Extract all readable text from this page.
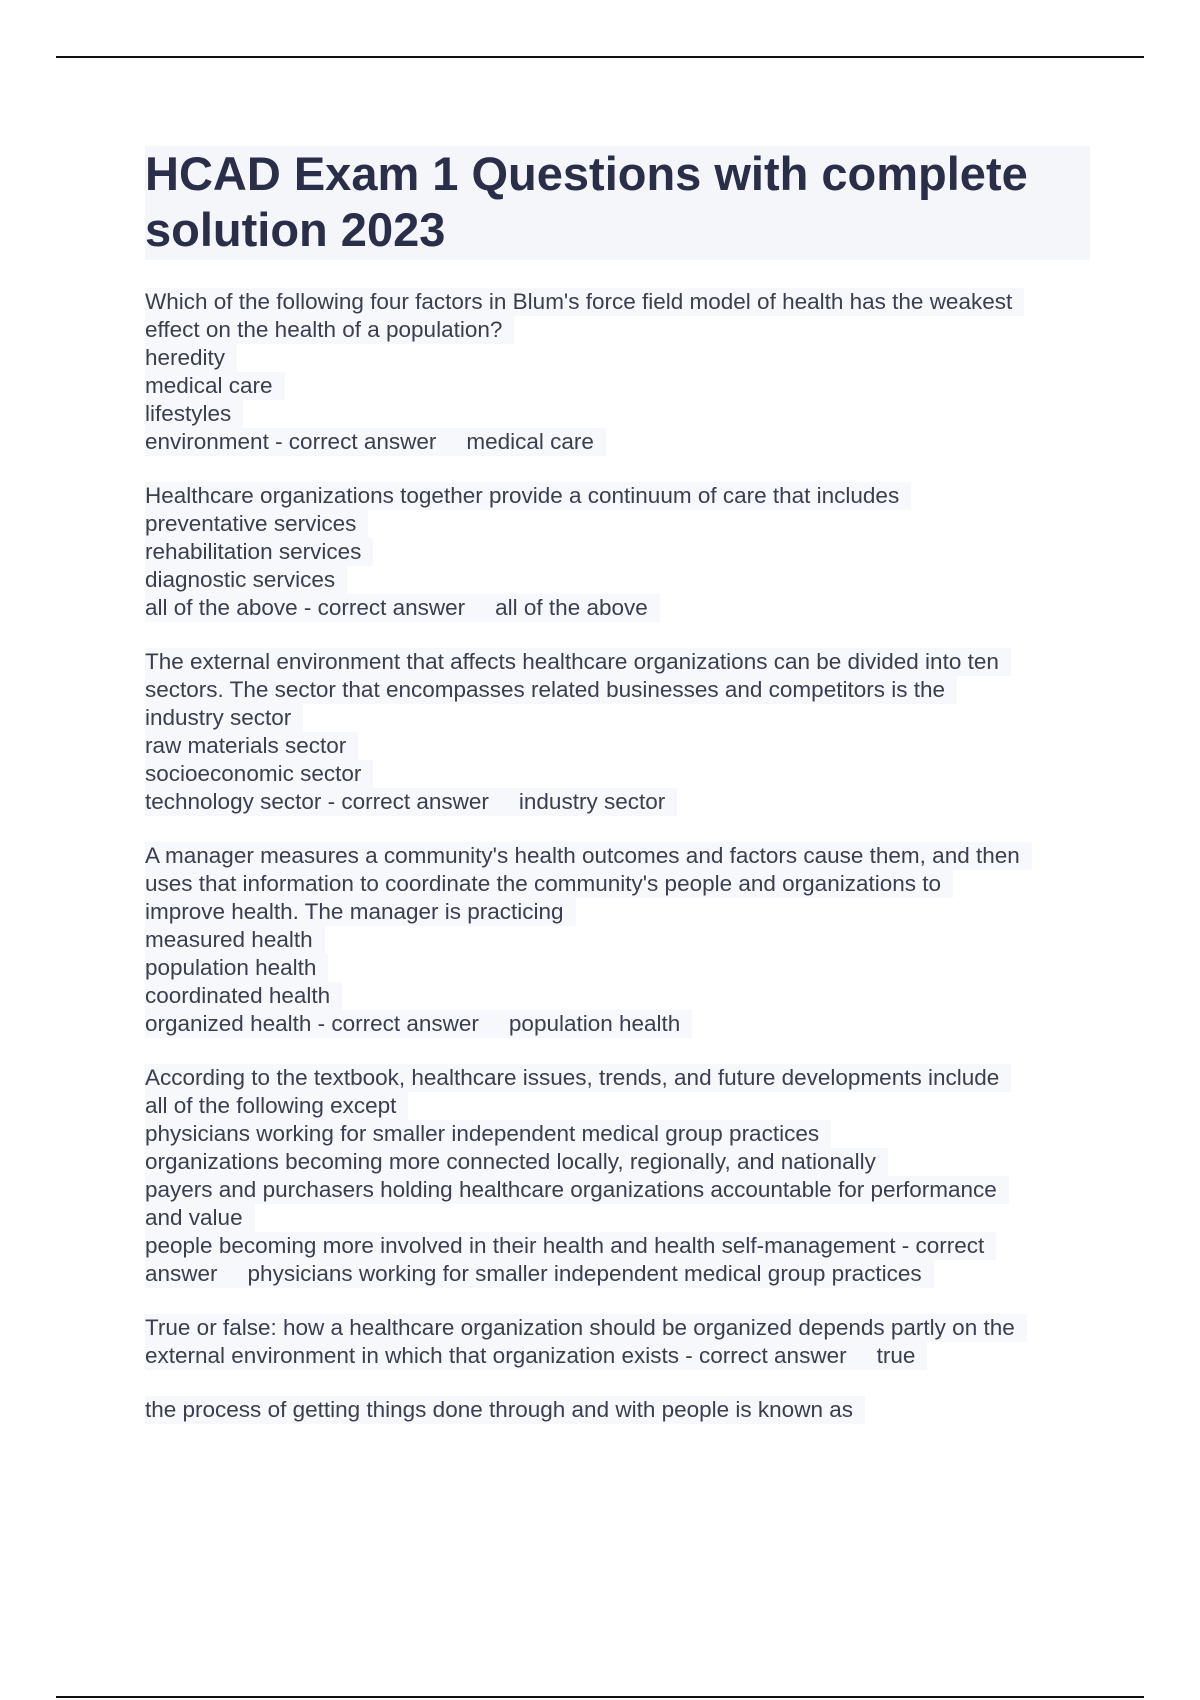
HCAD Exam 1 Questions with complete
solution 2023
Which of the following four factors in Blum's force field model of health has the weakest
effect on the health of a population?
heredity
medical care
lifestyles
environment - correct answer medical care
Healthcare organizations together provide a continuum of care that includes
preventative services
rehabilitation services
diagnostic services
all of the above - correct answer all of the above
The external environment that affects healthcare organizations can be divided into ten
sectors. The sector that encompasses related businesses and competitors is the
industry sector
raw materials sector
socioeconomic sector
technology sector - correct answer industry sector
A manager measures a community's health outcomes and factors cause them, and then
uses that information to coordinate the community's people and organizations to
improve health. The manager is practicing
measured health
population health
coordinated health
organized health - correct answer population health
According to the textbook, healthcare issues, trends, and future developments include
all of the following except
physicians working for smaller independent medical group practices
organizations becoming more connected locally, regionally, and nationally
payers and purchasers holding healthcare organizations accountable for performance
and value
people becoming more involved in their health and health self-management - correct
answer physicians working for smaller independent medical group practices
True or false: how a healthcare organization should be organized depends partly on the
external environment in which that organization exists - correct answer true
the process of getting things done through and with people is known as
